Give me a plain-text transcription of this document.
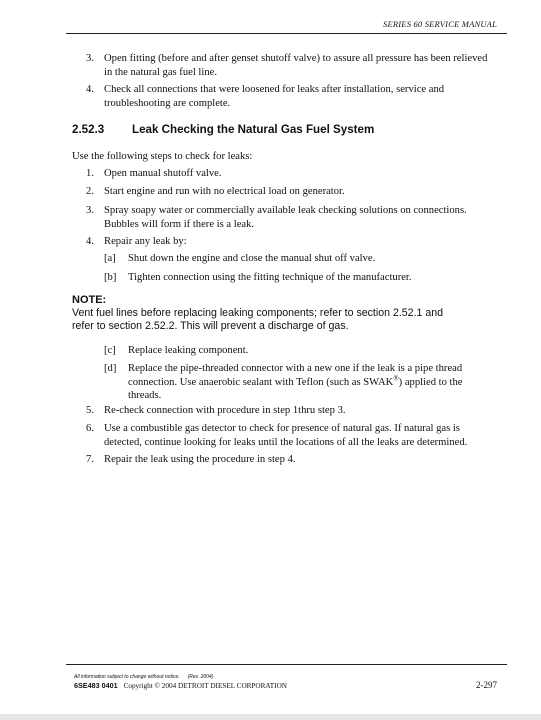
SERIES 60 SERVICE MANUAL
3. Open fitting (before and after genset shutoff valve) to assure all pressure has been relieved
in the natural gas fuel line.
4. Check all connections that were loosened for leaks after installation, service and
troubleshooting are complete.
2.52.3 Leak Checking the Natural Gas Fuel System

Use the following steps to check for leaks:

1. Open manual shutoff valve.
2. Start engine and run with no electrical load on generator.
3. Spray soapy water or commercially available leak checking solutions on connections.
Bubbles will form if there is a leak.
4. Repair any leak by:
[a] Shut down the engine and close the manual shut off valve.
[b] Tighten connection using the fitting technique of the manufacturer.
NOTE:
Vent fuel lines before replacing leaking components; refer to section 2.52.1 and
refer to section 2.52.2. This will prevent a discharge of gas.
[c] Replace leaking component.
[d] Replace the pipe-threaded connector with a new one if the leak is a pipe thread
connection. Use anaerobic sealant with Teflon (such as SWAK®) applied to the
threads.
5. Re-check connection with procedure in step 1thru step 3.
6. Use a combustible gas detector to check for presence of natural gas. If natural gas is
detected, continue looking for leaks until the locations of all the leaks are determined.
7. Repair the leak using the procedure in step 4.
All information subject to change without notice. (Rev. 2004)
6SE483 0401 Copyright © 2004 DETROIT DIESEL CORPORATION	2-297
